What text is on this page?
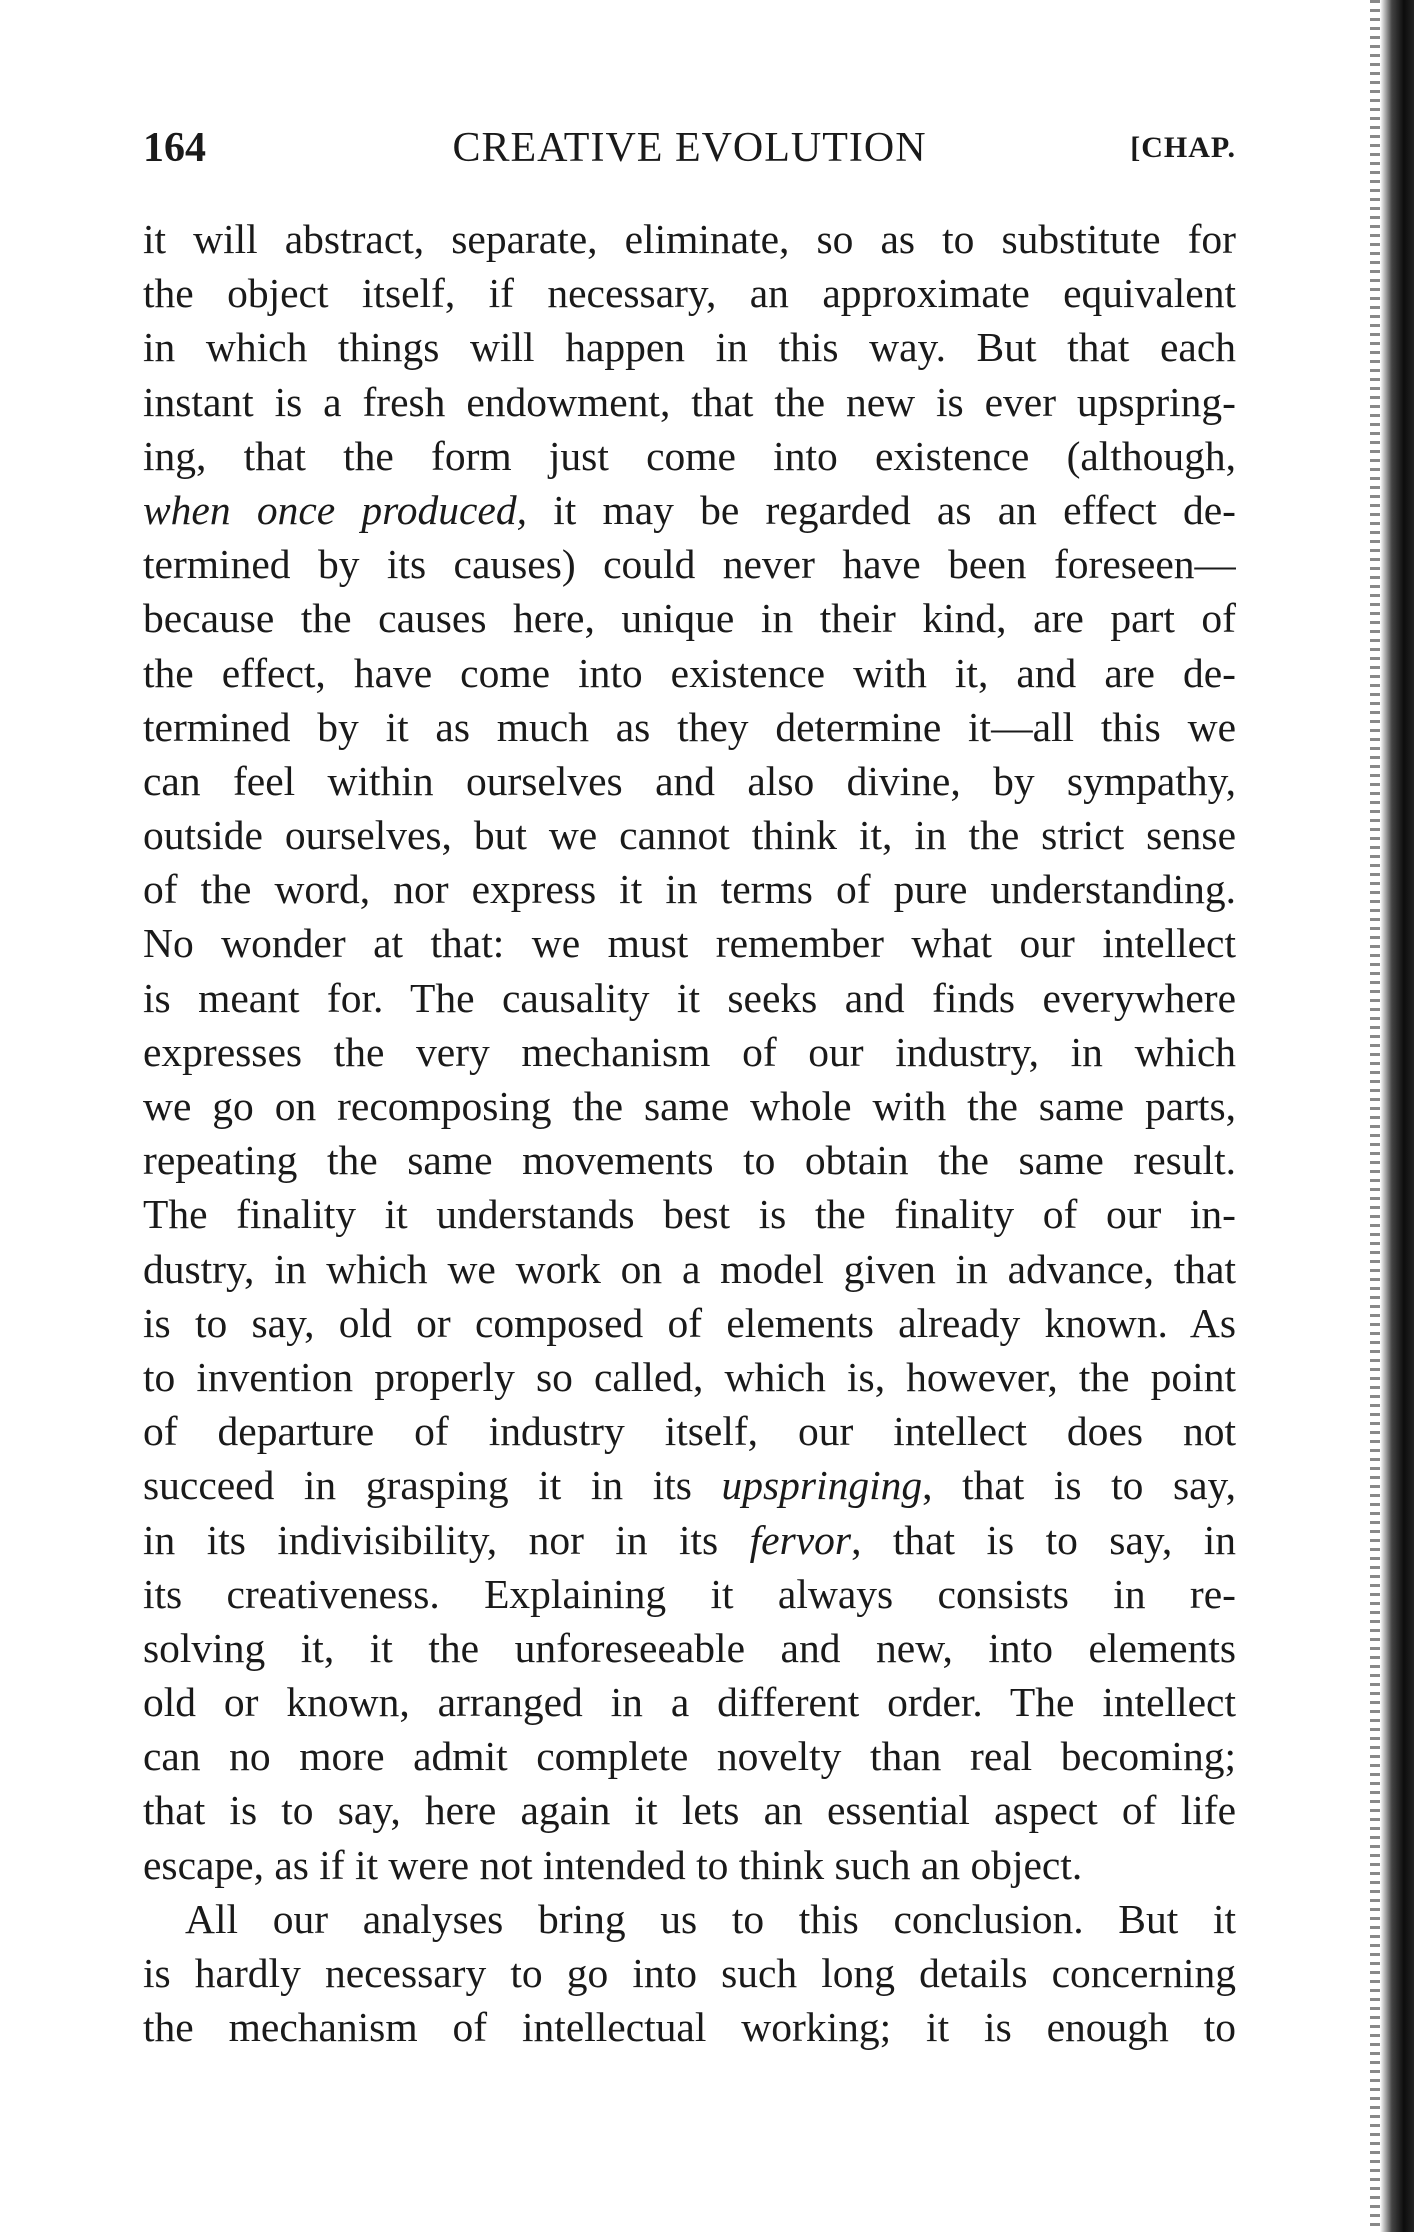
164	CREATIVE EVOLUTION	[CHAP.
it will abstract, separate, eliminate, so as to substitute for
the object itself, if necessary, an approximate equivalent
in which things will happen in this way. But that each
instant is a fresh endowment, that the new is ever upspring-
ing, that the form just come into existence (although,
when once produced, it may be regarded as an effect de-
termined by its causes) could never have been foreseen—
because the causes here, unique in their kind, are part of
the effect, have come into existence with it, and are de-
termined by it as much as they determine it—all this we
can feel within ourselves and also divine, by sympathy,
outside ourselves, but we cannot think it, in the strict sense
of the word, nor express it in terms of pure understanding.
No wonder at that: we must remember what our intellect
is meant for. The causality it seeks and finds everywhere
expresses the very mechanism of our industry, in which
we go on recomposing the same whole with the same parts,
repeating the same movements to obtain the same result.
The finality it understands best is the finality of our in-
dustry, in which we work on a model given in advance, that
is to say, old or composed of elements already known. As
to invention properly so called, which is, however, the point
of departure of industry itself, our intellect does not
succeed in grasping it in its upspringing, that is to say,
in its indivisibility, nor in its fervor, that is to say, in
its creativeness. Explaining it always consists in re-
solving it, it the unforeseeable and new, into elements
old or known, arranged in a different order. The intellect
can no more admit complete novelty than real becoming;
that is to say, here again it lets an essential aspect of life
escape, as if it were not intended to think such an object.
All our analyses bring us to this conclusion. But it
is hardly necessary to go into such long details concerning
the mechanism of intellectual working; it is enough to
